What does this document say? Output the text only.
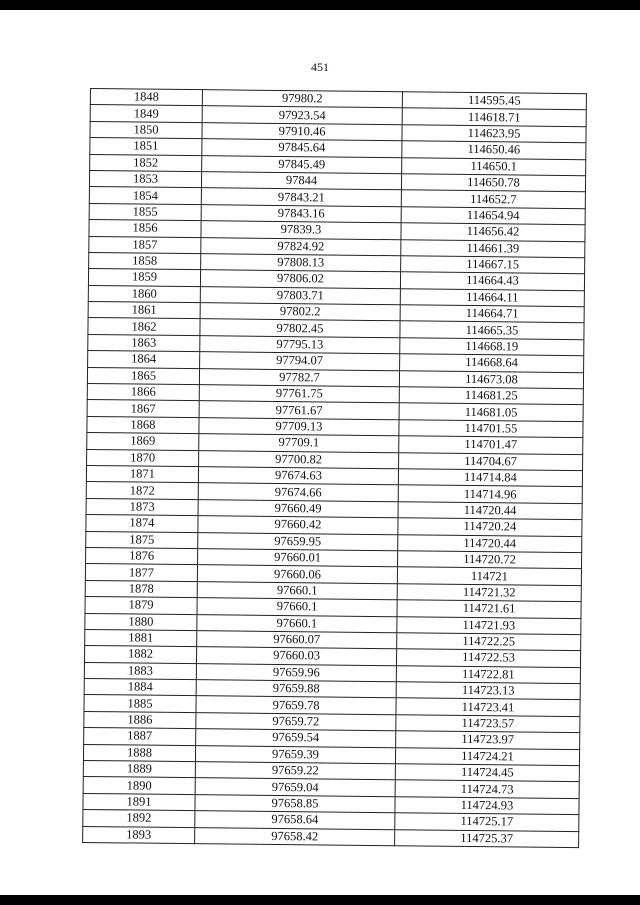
451
1848	97980.2	114595.45
1849	97923.54	114618.71
1850	97910.46	114623.95
1851	97845.64	114650.46
1852	97845.49	114650.1
1853	97844	114650.78
1854	97843.21	114652.7
1855	97843.16	114654.94
1856	97839.3	114656.42
1857	97824.92	114661.39
1858	97808.13	114667.15
1859	97806.02	114664.43
1860	97803.71	114664.11
1861	97802.2	114664.71
1862	97802.45	114665.35
1863	97795.13	114668.19
1864	97794.07	114668.64
1865	97782.7	114673.08
1866	97761.75	114681.25
1867	97761.67	114681.05
1868	97709.13	114701.55
1869	97709.1	114701.47
1870	97700.82	114704.67
1871	97674.63	114714.84
1872	97674.66	114714.96
1873	97660.49	114720.44
1874	97660.42	114720.24
1875	97659.95	114720.44
1876	97660.01	114720.72
1877	97660.06	114721
1878	97660.1	114721.32
1879	97660.1	114721.61
1880	97660.1	114721.93
1881	97660.07	114722.25
1882	97660.03	114722.53
1883	97659.96	114722.81
1884	97659.88	114723.13
1885	97659.78	114723.41
1886	97659.72	114723.57
1887	97659.54	114723.97
1888	97659.39	114724.21
1889	97659.22	114724.45
1890	97659.04	114724.73
1891	97658.85	114724.93
1892	97658.64	114725.17
1893	97658.42	114725.37
